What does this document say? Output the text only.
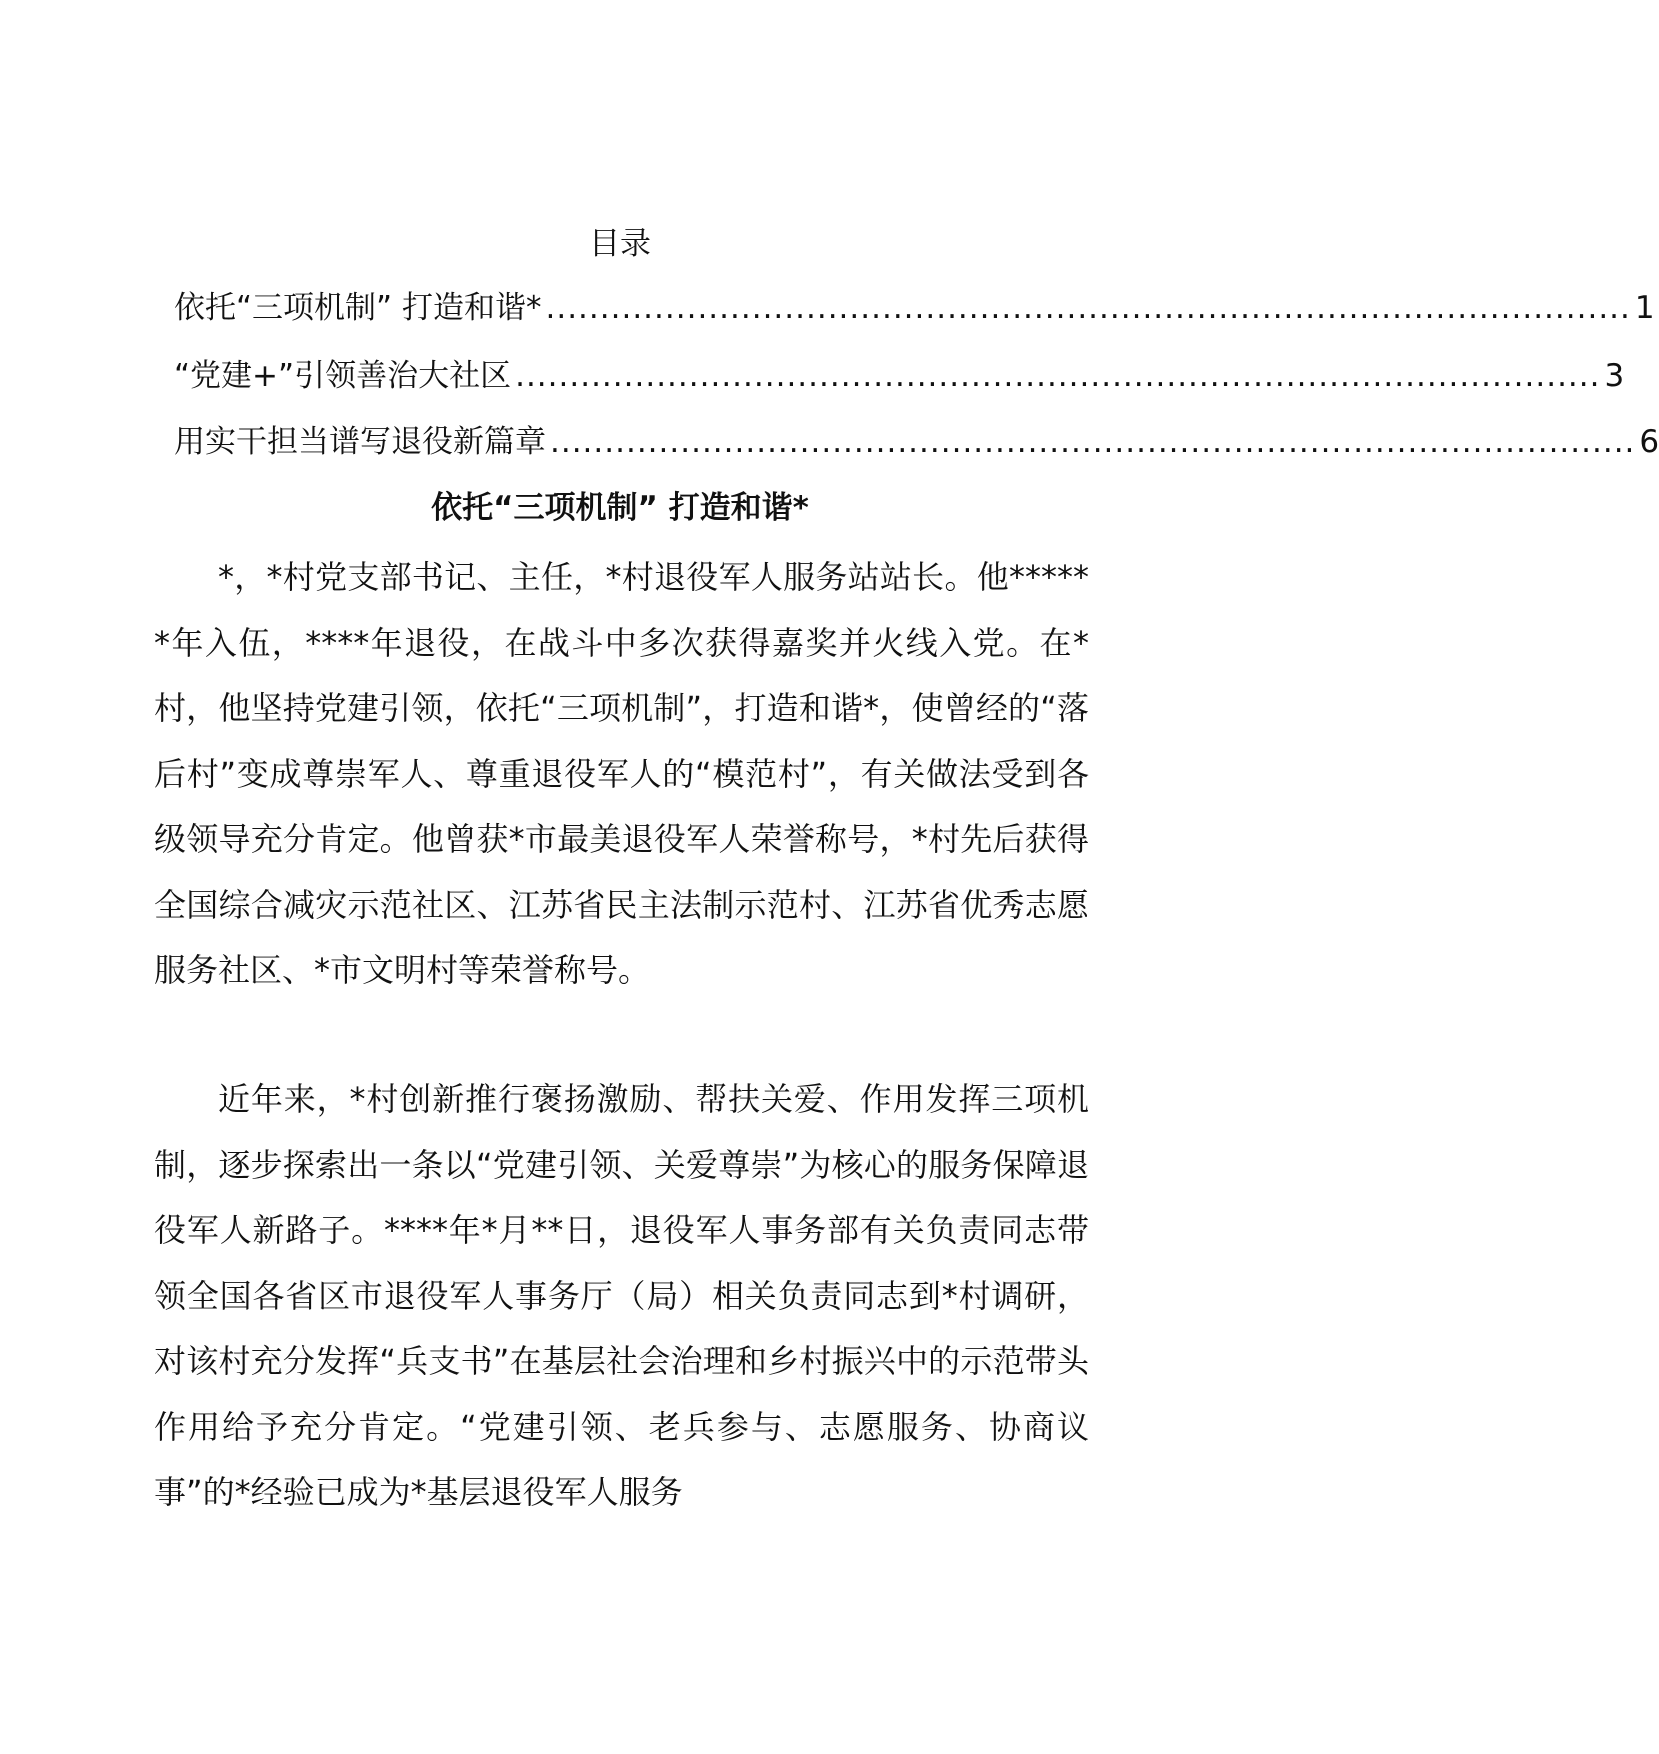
目录
依托“三项机制” 打造和谐* .................................................................................................... 1
“党建+”引领善治大社区 .................................................................................................... 3
用实干担当谱写退役新篇章 .................................................................................................... 6
依托“三项机制” 打造和谐*

*，*村党支部书记、主任，*村退役军人服务站站长。他******年入伍，****年退役，在战斗中多次获得嘉奖并火线入党。在*村，他坚持党建引领，依托“三项机制”，打造和谐*，使曾经的“落后村”变成尊崇军人、尊重退役军人的“模范村”，有关做法受到各级领导充分肯定。他曾获*市最美退役军人荣誉称号，*村先后获得全国综合减灾示范社区、江苏省民主法制示范村、江苏省优秀志愿服务社区、*市文明村等荣誉称号。

近年来，*村创新推行褒扬激励、帮扶关爱、作用发挥三项机制，逐步探索出一条以“党建引领、关爱尊崇”为核心的服务保障退役军人新路子。****年*月**日，退役军人事务部有关负责同志带领全国各省区市退役军人事务厅（局）相关负责同志到*村调研，对该村充分发挥“兵支书”在基层社会治理和乡村振兴中的示范带头作用给予充分肯定。“党建引领、老兵参与、志愿服务、协商议事”的*经验已成为*基层退役军人服务
